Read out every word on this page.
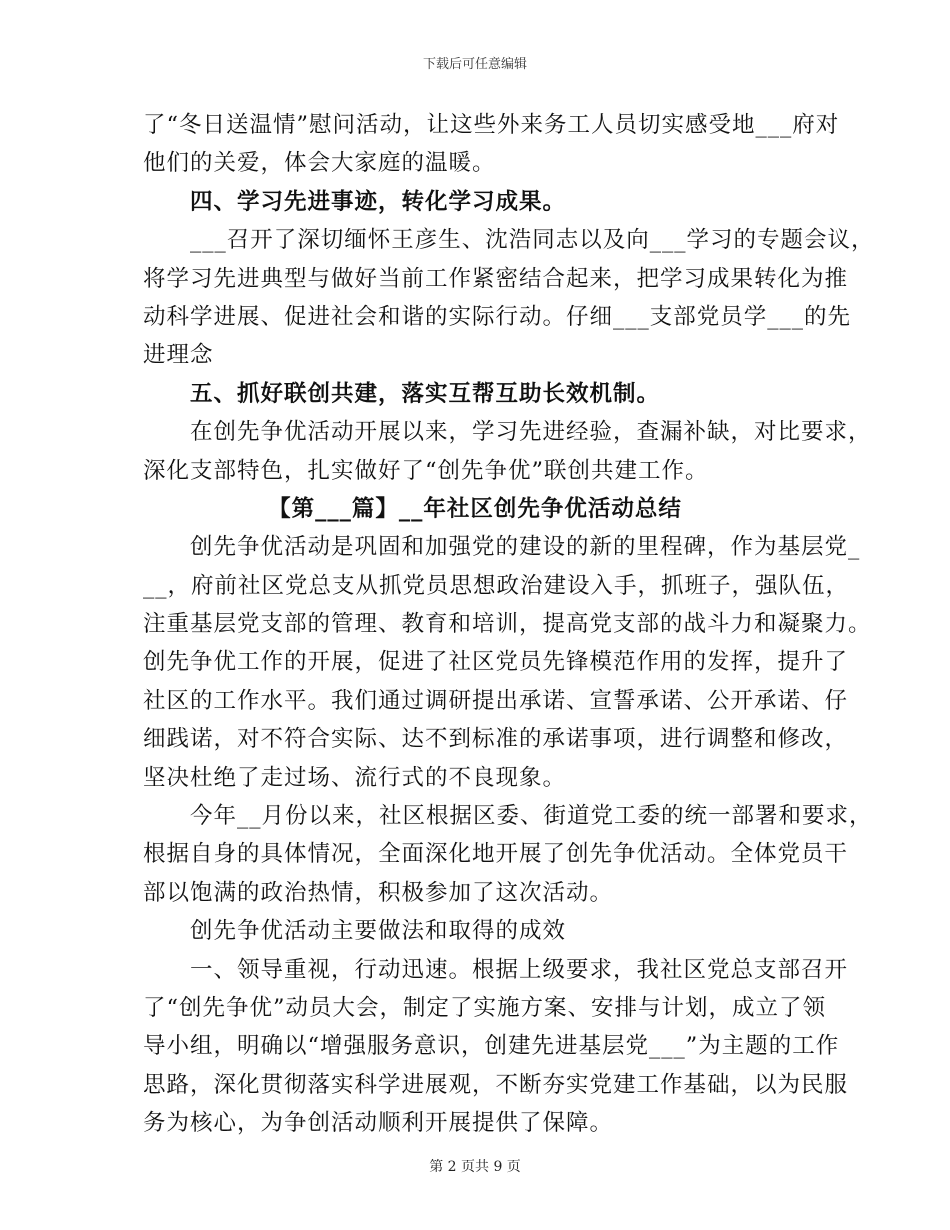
下载后可任意编辑
了“冬日送温情”慰问活动，让这些外来务工人员切实感受地___府对
他们的关爱，体会大家庭的温暖。
四、学习先进事迹，转化学习成果。
___召开了深切缅怀王彦生、沈浩同志以及向___学习的专题会议，
将学习先进典型与做好当前工作紧密结合起来，把学习成果转化为推
动科学进展、促进社会和谐的实际行动。仔细___支部党员学___的先
进理念
五、抓好联创共建，落实互帮互助长效机制。
在创先争优活动开展以来，学习先进经验，查漏补缺，对比要求，
深化支部特色，扎实做好了“创先争优”联创共建工作。
【第___篇】__年社区创先争优活动总结
创先争优活动是巩固和加强党的建设的新的里程碑，作为基层党_
__，府前社区党总支从抓党员思想政治建设入手，抓班子，强队伍，
注重基层党支部的管理、教育和培训，提高党支部的战斗力和凝聚力。
创先争优工作的开展，促进了社区党员先锋模范作用的发挥，提升了
社区的工作水平。我们通过调研提出承诺、宣誓承诺、公开承诺、仔
细践诺，对不符合实际、达不到标准的承诺事项，进行调整和修改，
坚决杜绝了走过场、流行式的不良现象。
今年__月份以来，社区根据区委、街道党工委的统一部署和要求，
根据自身的具体情况，全面深化地开展了创先争优活动。全体党员干
部以饱满的政治热情，积极参加了这次活动。
创先争优活动主要做法和取得的成效
一、领导重视，行动迅速。根据上级要求，我社区党总支部召开
了“创先争优”动员大会，制定了实施方案、安排与计划，成立了领
导小组，明确以“增强服务意识，创建先进基层党___”为主题的工作
思路，深化贯彻落实科学进展观，不断夯实党建工作基础，以为民服
务为核心，为争创活动顺利开展提供了保障。
第 2 页共 9 页
